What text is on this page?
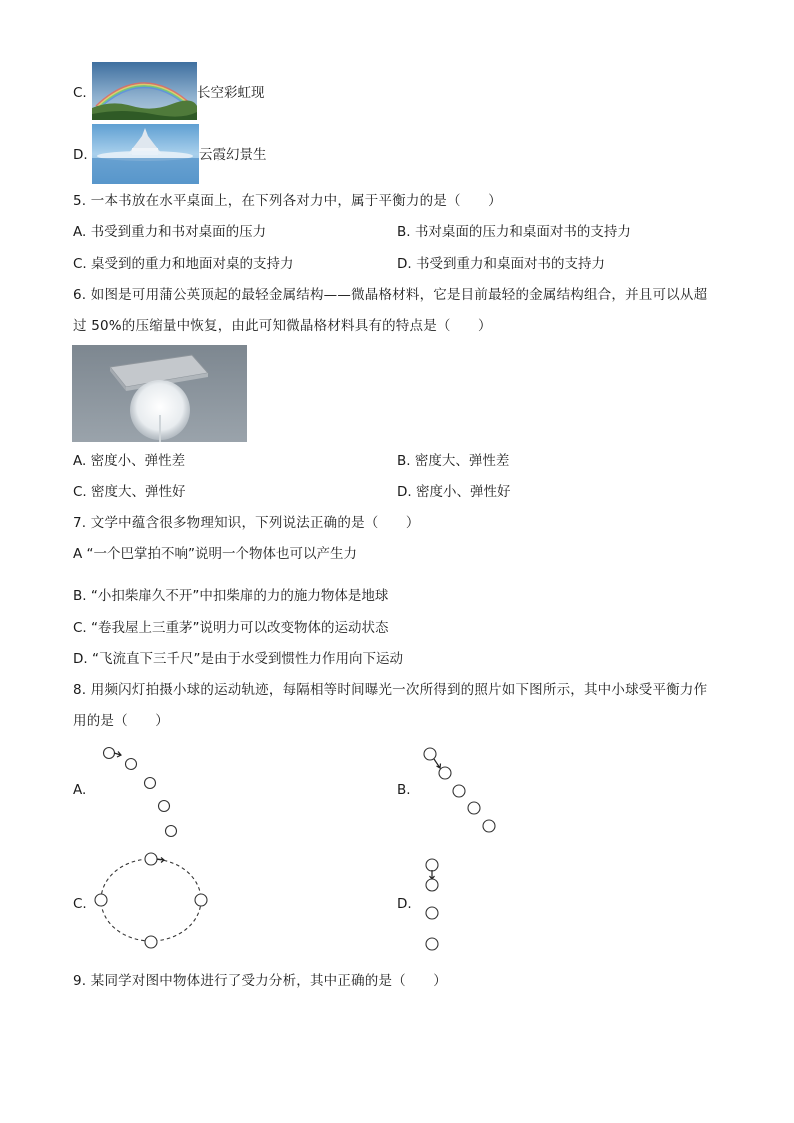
C.	长空彩虹现
D.	云霞幻景生
5. 一本书放在水平桌面上，在下列各对力中，属于平衡力的是（　　）
A. 书受到重力和书对桌面的压力	B. 书对桌面的压力和桌面对书的支持力
C. 桌受到的重力和地面对桌的支持力	D. 书受到重力和桌面对书的支持力
6. 如图是可用蒲公英顶起的最轻金属结构——微晶格材料，它是目前最轻的金属结构组合，并且可以从超
过 50%的压缩量中恢复，由此可知微晶格材料具有的特点是（　　）
A. 密度小、弹性差	B. 密度大、弹性差
C. 密度大、弹性好	D. 密度小、弹性好
7. 文学中蕴含很多物理知识，下列说法正确的是（　　）
A “一个巴掌拍不响”说明一个物体也可以产生力
B. “小扣柴扉久不开”中扣柴扉的力的施力物体是地球
C. “卷我屋上三重茅”说明力可以改变物体的运动状态
D. “飞流直下三千尺”是由于水受到惯性力作用向下运动
8. 用频闪灯拍摄小球的运动轨迹，每隔相等时间曝光一次所得到的照片如下图所示，其中小球受平衡力作
用的是（　　）
A.	B.
C.	D.
9. 某同学对图中物体进行了受力分析，其中正确的是（　　）
